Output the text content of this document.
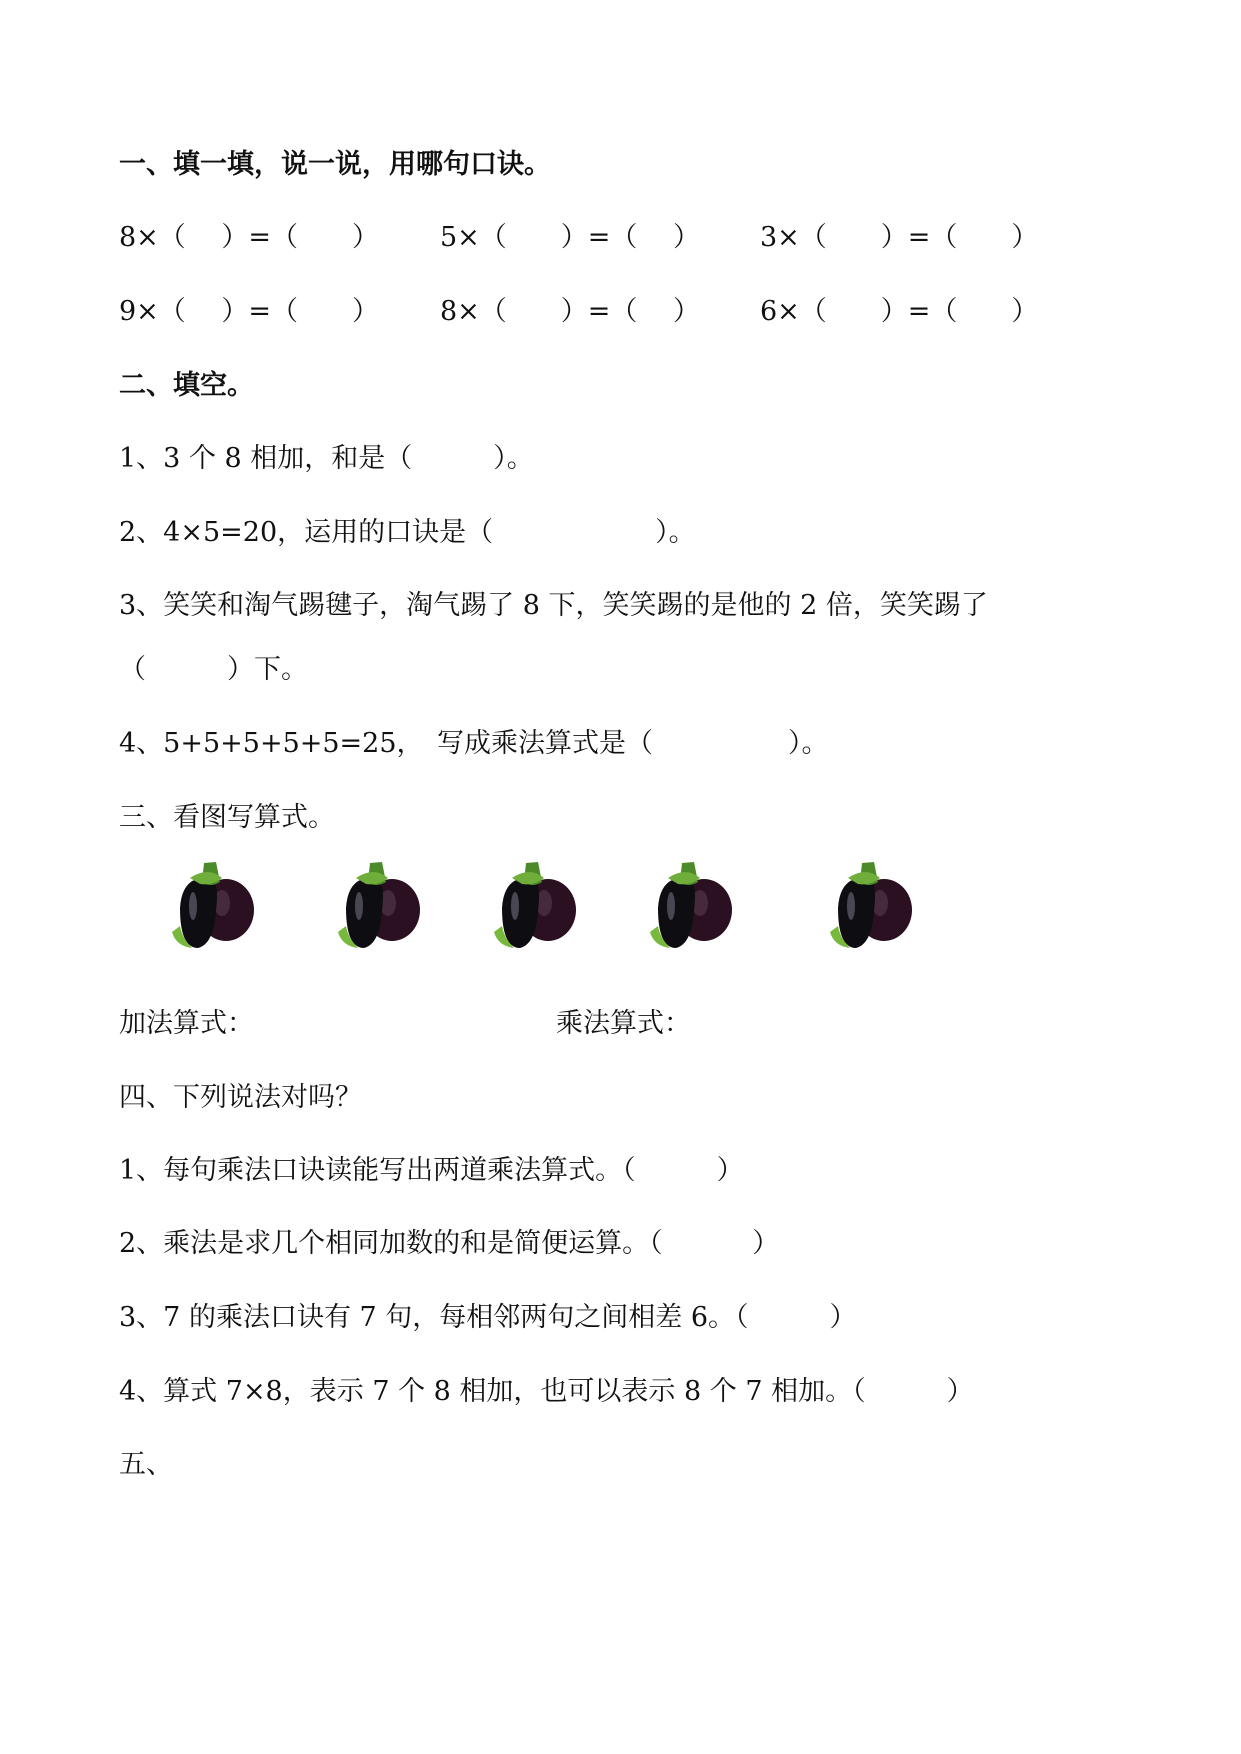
一、填一填，说一说，用哪句口诀。
8×（　 ）=（　　） 5×（　　）=（　 ） 3×（　　）=（　　）
9×（　 ）=（　　） 8×（　　）=（　 ） 6×（　　）=（　　）
二、填空。
1、3 个 8 相加，和是（　　　）。
2、4×5=20，运用的口诀是（　　　　　　）。
3、笑笑和淘气踢毽子，淘气踢了 8 下，笑笑踢的是他的 2 倍，笑笑踢了
（　　　）下。
4、5+5+5+5+5=25，　写成乘法算式是（　　　　　）。
三、看图写算式。
加法算式：	乘法算式：
四、下列说法对吗？
1、每句乘法口诀读能写出两道乘法算式。（　　　）
2、乘法是求几个相同加数的和是简便运算。（　　　 ）
3、7 的乘法口诀有 7 句，每相邻两句之间相差 6。（　　　）
4、算式 7×8，表示 7 个 8 相加，也可以表示 8 个 7 相加。（　　　）
五、
